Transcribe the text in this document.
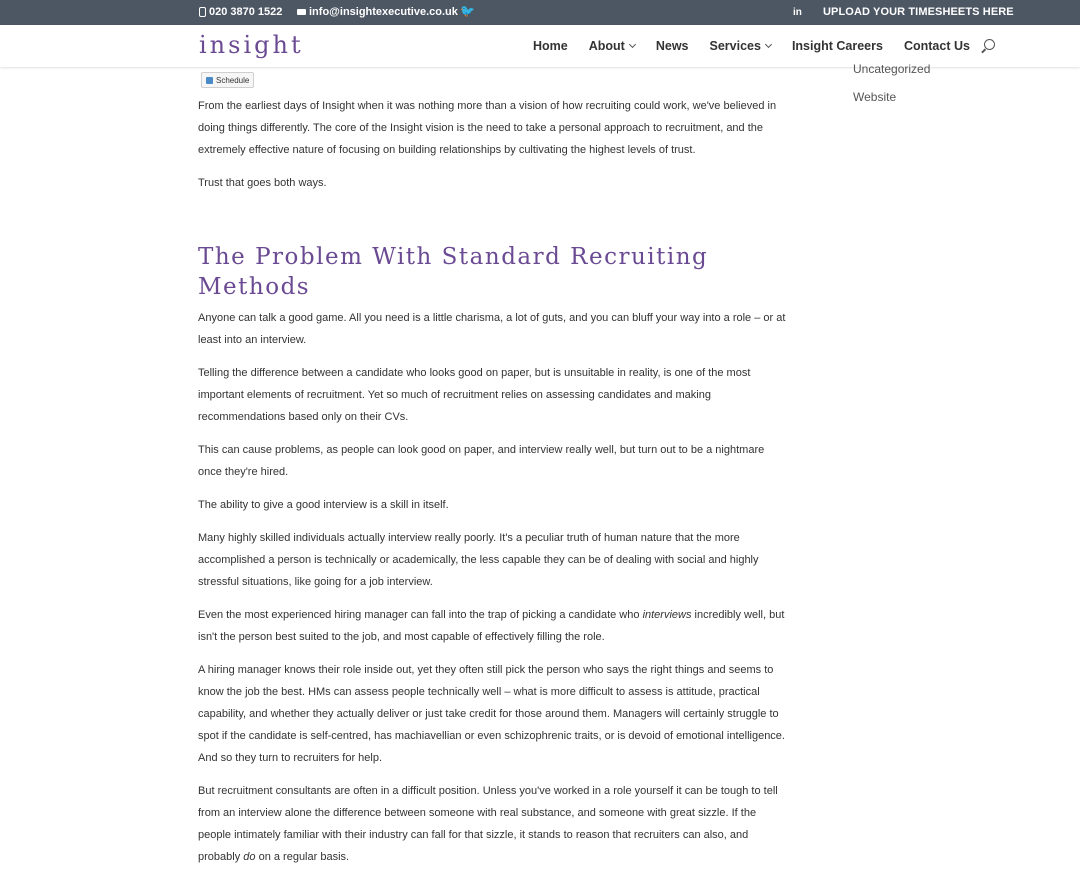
020 3870 1522 info@insightexecutive.co.uk 🐦	in UPLOAD YOUR TIMESHEETS HERE
insight	Home About News Services Insight Careers Contact Us
Uncategorized
Website
Schedule

From the earliest days of Insight when it was nothing more than a vision of how recruiting could work, we've believed in doing things differently. The core of the Insight vision is the need to take a personal approach to recruitment, and the extremely effective nature of focusing on building relationships by cultivating the highest levels of trust.

Trust that goes both ways.

The Problem With Standard Recruiting Methods

Anyone can talk a good game. All you need is a little charisma, a lot of guts, and you can bluff your way into a role – or at least into an interview.

Telling the difference between a candidate who looks good on paper, but is unsuitable in reality, is one of the most important elements of recruitment. Yet so much of recruitment relies on assessing candidates and making recommendations based only on their CVs.

This can cause problems, as people can look good on paper, and interview really well, but turn out to be a nightmare once they're hired.

The ability to give a good interview is a skill in itself.

Many highly skilled individuals actually interview really poorly. It's a peculiar truth of human nature that the more accomplished a person is technically or academically, the less capable they can be of dealing with social and highly stressful situations, like going for a job interview.

Even the most experienced hiring manager can fall into the trap of picking a candidate who interviews incredibly well, but isn't the person best suited to the job, and most capable of effectively filling the role.

A hiring manager knows their role inside out, yet they often still pick the person who says the right things and seems to know the job the best. HMs can assess people technically well – what is more difficult to assess is attitude, practical capability, and whether they actually deliver or just take credit for those around them. Managers will certainly struggle to spot if the candidate is self-centred, has machiavellian or even schizophrenic traits, or is devoid of emotional intelligence. And so they turn to recruiters for help.

But recruitment consultants are often in a difficult position. Unless you've worked in a role yourself it can be tough to tell from an interview alone the difference between someone with real substance, and someone with great sizzle. If the people intimately familiar with their industry can fall for that sizzle, it stands to reason that recruiters can also, and probably do on a regular basis.
